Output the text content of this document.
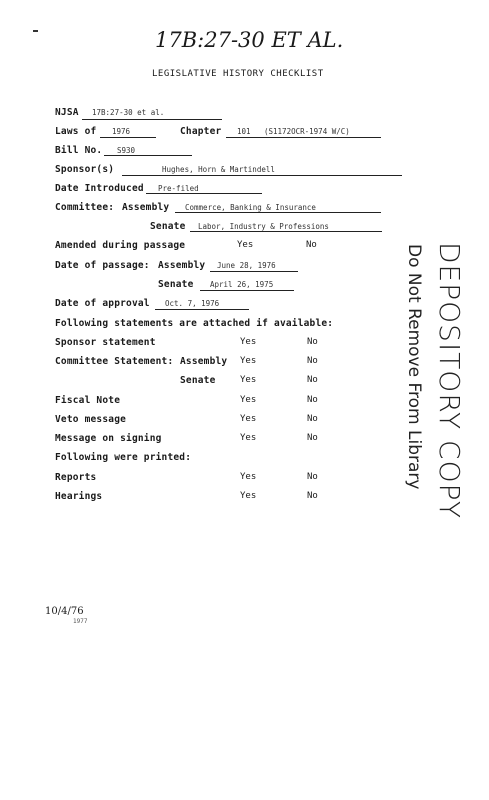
17B:27-30 ET AL.
LEGISLATIVE HISTORY CHECKLIST
NJSA 17B:27-30 et al.
Laws of 1976	Chapter 101 (S1172OCR-1974 W/C)
Bill No. S930
Sponsor(s)	Hughes, Horn & Martindell
Date Introduced Pre-filed
Committee: Assembly Commerce, Banking & Insurance
Senate Labor, Industry & Professions
Amended during passage	Yes	No
Date of passage: Assembly June 28, 1976
Senate April 26, 1975
Date of approval Oct. 7, 1976
Following statements are attached if available:
Sponsor statement	Yes	No
Committee Statement: Assembly Yes	No
Senate	Yes	No
Fiscal Note	Yes	No
Veto message	Yes	No
Message on signing	Yes	No
Following were printed:
Reports	Yes	No
Hearings	Yes	No	DEPOSITORY COPY
Do Not Remove From Library
10/4/76
1977
